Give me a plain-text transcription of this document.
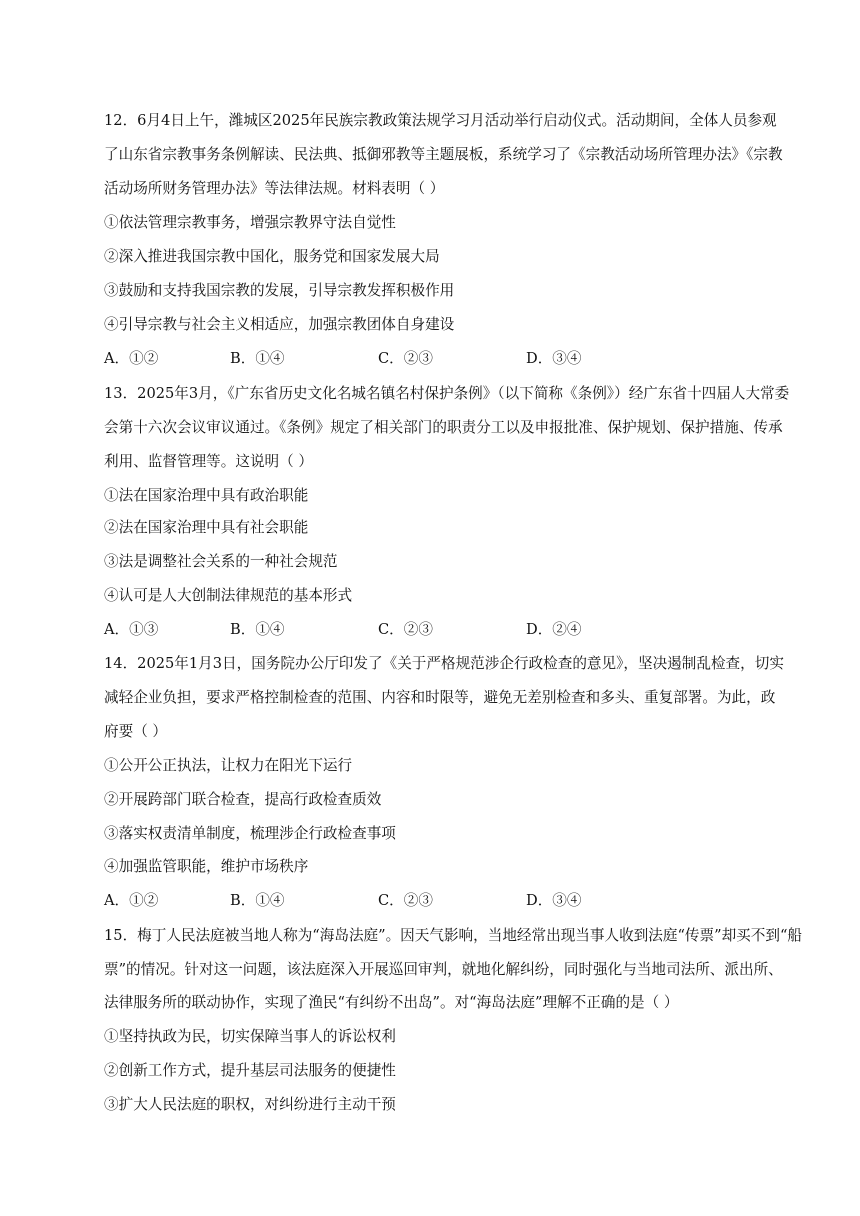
12．6月4日上午，潍城区2025年民族宗教政策法规学习月活动举行启动仪式。活动期间，全体人员参观
了山东省宗教事务条例解读、民法典、抵御邪教等主题展板，系统学习了《宗教活动场所管理办法》《宗教
活动场所财务管理办法》等法律法规。材料表明（ ）
①依法管理宗教事务，增强宗教界守法自觉性
②深入推进我国宗教中国化，服务党和国家发展大局
③鼓励和支持我国宗教的发展，引导宗教发挥积极作用
④引导宗教与社会主义相适应，加强宗教团体自身建设
A．①②	B．①④	C．②③	D．③④
13．2025年3月，《广东省历史文化名城名镇名村保护条例》（以下简称《条例》）经广东省十四届人大常委
会第十六次会议审议通过。《条例》规定了相关部门的职责分工以及申报批准、保护规划、保护措施、传承
利用、监督管理等。这说明（ ）
①法在国家治理中具有政治职能
②法在国家治理中具有社会职能
③法是调整社会关系的一种社会规范
④认可是人大创制法律规范的基本形式
A．①③	B．①④	C．②③	D．②④
14．2025年1月3日，国务院办公厅印发了《关于严格规范涉企行政检查的意见》，坚决遏制乱检查，切实
减轻企业负担，要求严格控制检查的范围、内容和时限等，避免无差别检查和多头、重复部署。为此，政
府要（ ）
①公开公正执法，让权力在阳光下运行
②开展跨部门联合检查，提高行政检查质效
③落实权责清单制度，梳理涉企行政检查事项
④加强监管职能，维护市场秩序
A．①②	B．①④	C．②③	D．③④
15．梅丁人民法庭被当地人称为“海岛法庭”。因天气影响，当地经常出现当事人收到法庭“传票”却买不到“船
票”的情况。针对这一问题，该法庭深入开展巡回审判，就地化解纠纷，同时强化与当地司法所、派出所、
法律服务所的联动协作，实现了渔民“有纠纷不出岛”。对“海岛法庭”理解不正确的是（ ）
①坚持执政为民，切实保障当事人的诉讼权利
②创新工作方式，提升基层司法服务的便捷性
③扩大人民法庭的职权，对纠纷进行主动干预
